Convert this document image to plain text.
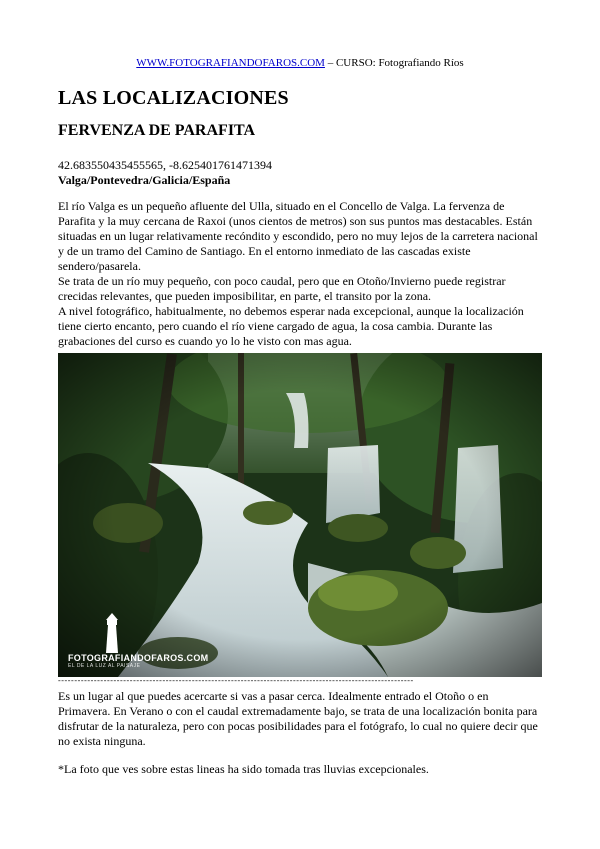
WWW.FOTOGRAFIANDOFAROS.COM – CURSO: Fotografiando Ríos
LAS LOCALIZACIONES
FERVENZA DE PARAFITA
42.683550435455565, -8.625401761471394
Valga/Pontevedra/Galicia/España

El río Valga es un pequeño afluente del Ulla, situado en el Concello de Valga. La fervenza de Parafita y la muy cercana de Raxoi (unos cientos de metros) son sus puntos mas destacables. Están situadas en un lugar relativamente recóndito y escondido, pero no muy lejos de la carretera nacional y de un tramo del Camino de Santiago. En el entorno inmediato de las cascadas existe sendero/pasarela.

Se trata de un río muy pequeño, con poco caudal, pero que en Otoño/Invierno puede registrar crecidas relevantes, que pueden imposibilitar, en parte, el transito por la zona.

A nivel fotográfico, habitualmente, no debemos esperar nada excepcional, aunque la localización tiene cierto encanto, pero cuando el río viene cargado de agua, la cosa cambia. Durante las grabaciones del curso es cuando yo lo he visto con mas agua.

FOTOGRAFIANDOFAROS.COM
EL DE LA LUZ AL PAISAJE
-------------------------------------------------------------------------------------------------------------

Es un lugar al que puedes acercarte si vas a pasar cerca. Idealmente entrado el Otoño o en Primavera. En Verano o con el caudal extremadamente bajo, se trata de una localización bonita para disfrutar de la naturaleza, pero con pocas posibilidades para el fotógrafo, lo cual no quiere decir que no exista ninguna.

*La foto que ves sobre estas lineas ha sido tomada tras lluvias excepcionales.
